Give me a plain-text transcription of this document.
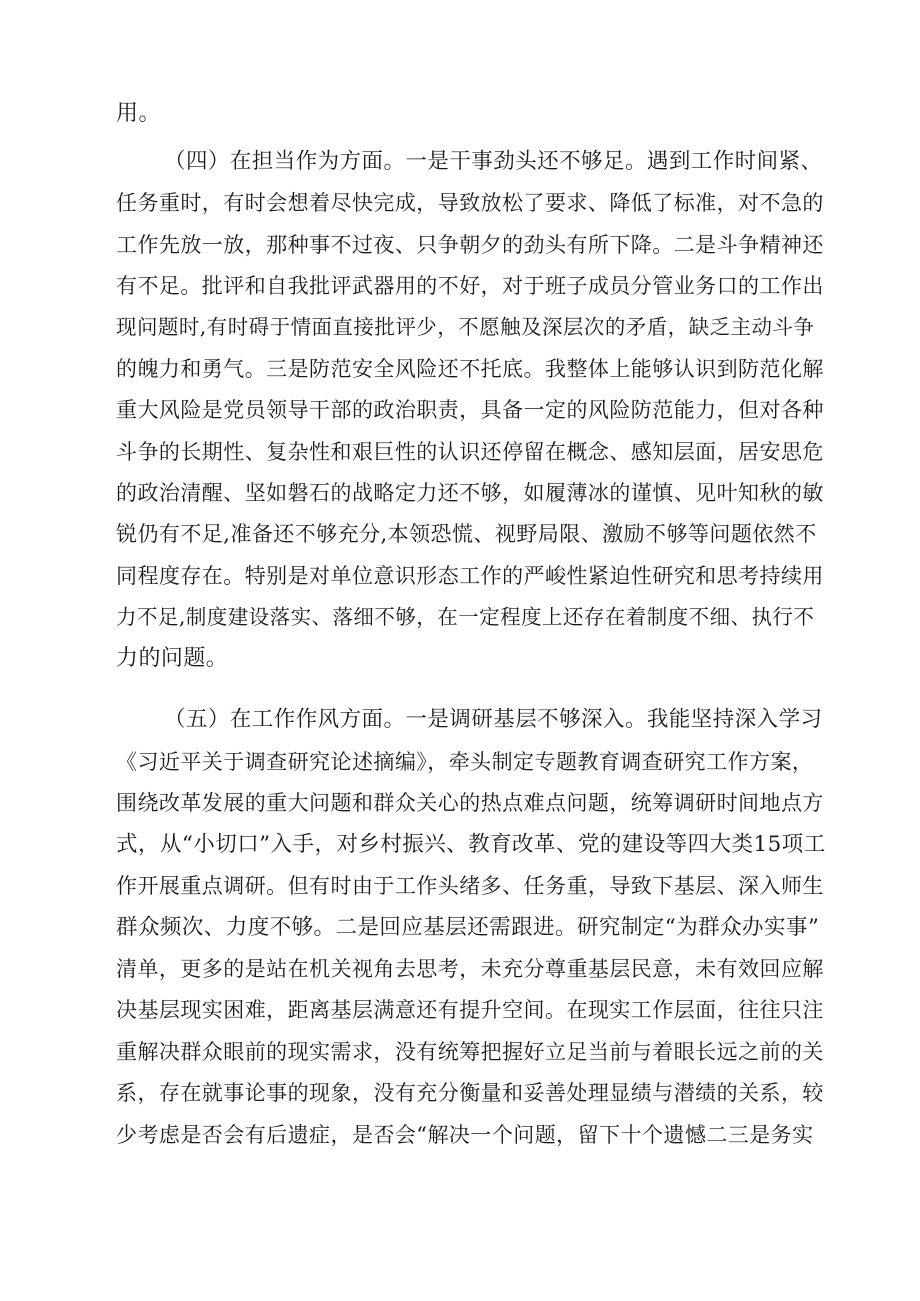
用。
（四）在担当作为方面。一是干事劲头还不够足。遇到工作时间紧、
任务重时，有时会想着尽快完成，导致放松了要求、降低了标准，对不急的
工作先放一放，那种事不过夜、只争朝夕的劲头有所下降。二是斗争精神还
有不足。批评和自我批评武器用的不好，对于班子成员分管业务口的工作出
现问题时,有时碍于情面直接批评少，不愿触及深层次的矛盾，缺乏主动斗争
的魄力和勇气。三是防范安全风险还不托底。我整体上能够认识到防范化解
重大风险是党员领导干部的政治职责，具备一定的风险防范能力，但对各种
斗争的长期性、复杂性和艰巨性的认识还停留在概念、感知层面，居安思危
的政治清醒、坚如磐石的战略定力还不够，如履薄冰的谨慎、见叶知秋的敏
锐仍有不足,准备还不够充分,本领恐慌、视野局限、激励不够等问题依然不
同程度存在。特别是对单位意识形态工作的严峻性紧迫性研究和思考持续用
力不足,制度建设落实、落细不够，在一定程度上还存在着制度不细、执行不
力的问题。
（五）在工作作风方面。一是调研基层不够深入。我能坚持深入学习
《习近平关于调查研究论述摘编》，牵头制定专题教育调查研究工作方案，
围绕改革发展的重大问题和群众关心的热点难点问题，统筹调研时间地点方
式，从“小切口”入手，对乡村振兴、教育改革、党的建设等四大类15项工
作开展重点调研。但有时由于工作头绪多、任务重，导致下基层、深入师生
群众频次、力度不够。二是回应基层还需跟进。研究制定“为群众办实事”
清单，更多的是站在机关视角去思考，未充分尊重基层民意，未有效回应解
决基层现实困难，距离基层满意还有提升空间。在现实工作层面，往往只注
重解决群众眼前的现实需求，没有统筹把握好立足当前与着眼长远之前的关
系，存在就事论事的现象，没有充分衡量和妥善处理显绩与潜绩的关系，较
少考虑是否会有后遗症，是否会“解决一个问题，留下十个遗憾二三是务实
